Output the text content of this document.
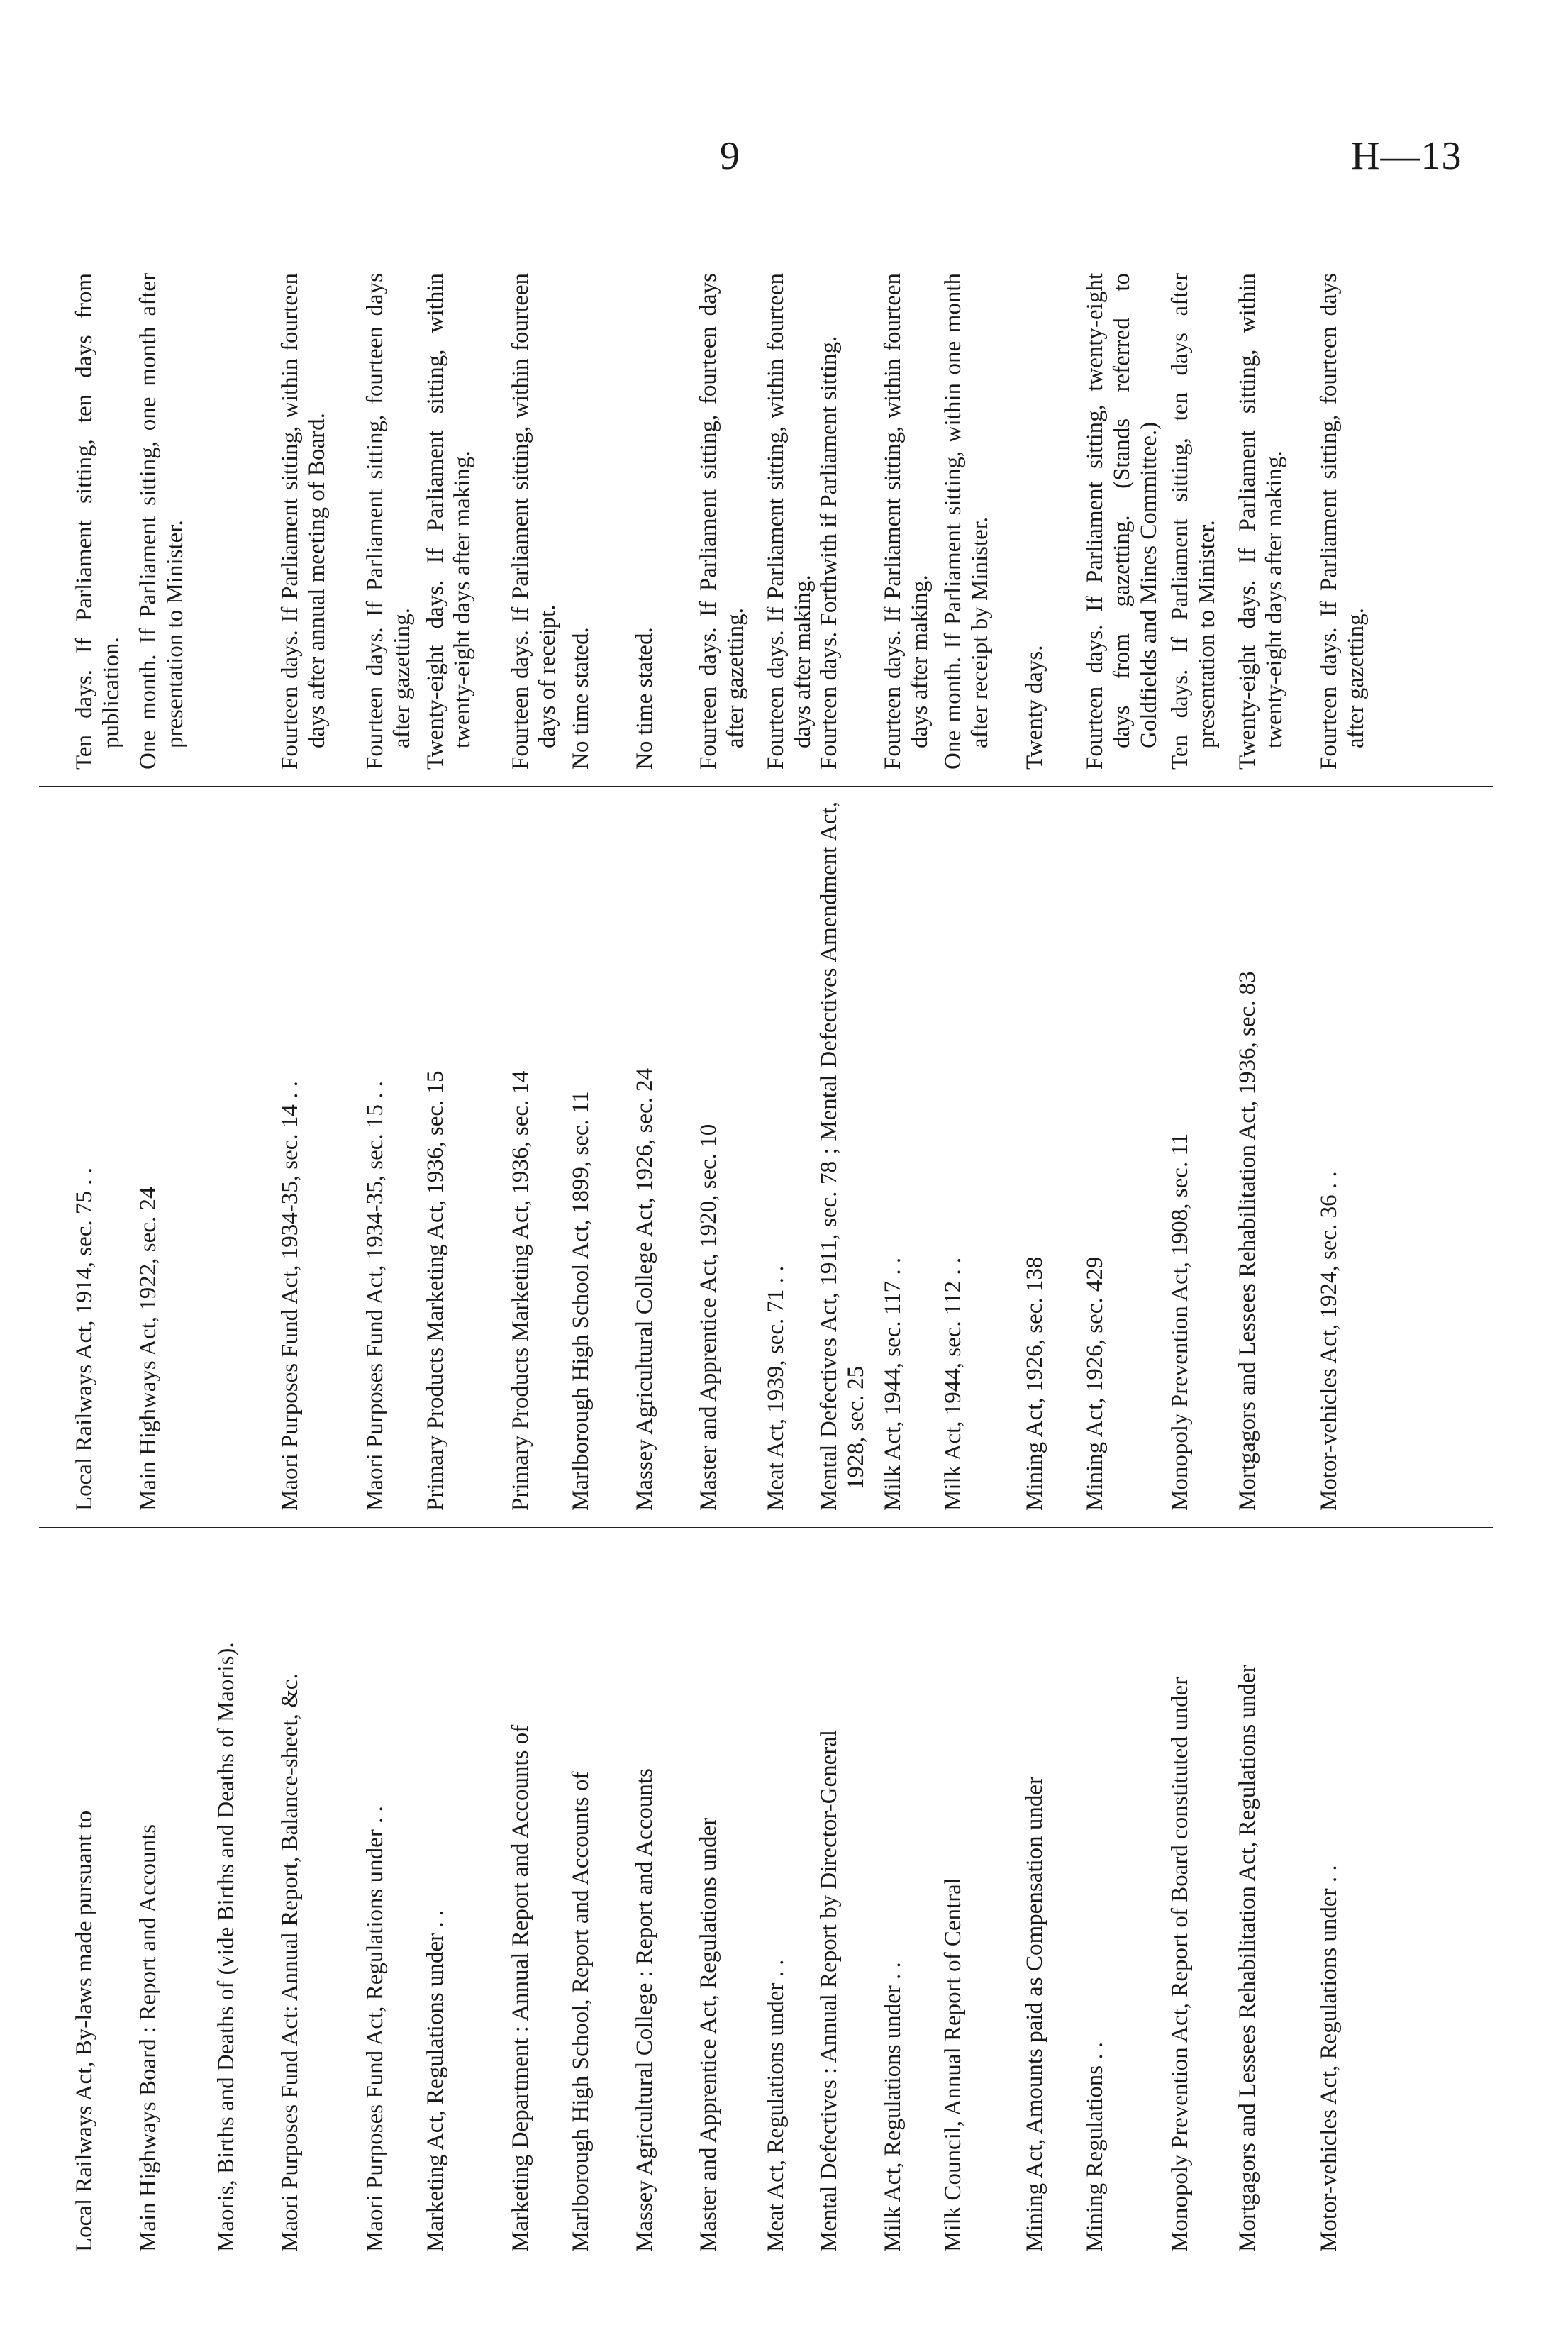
9	H—13
Local Railways Act, By-laws made pursuant to
Local Railways Act, 1914, sec. 75 . .

Ten days. If Parliament sitting, ten days from publication.

Main Highways Board : Report and Accounts
Main Highways Act, 1922, sec. 24

One month. If Parliament sitting, one month after presentation to Minister.

Maoris, Births and Deaths of (vide Births and Deaths of Maoris). Maori Purposes Fund Act: Annual Report, Balance-sheet, &c.
Maori Purposes Fund Act, 1934-35, sec. 14 . .

Fourteen days. If Parliament sitting, within fourteen days after annual meeting of Board.

Maori Purposes Fund Act, Regulations under . .
Maori Purposes Fund Act, 1934-35, sec. 15 . .

Fourteen days. If Parliament sitting, fourteen days after gazetting.

Marketing Act, Regulations under . .
Primary Products Marketing Act, 1936, sec. 15

Twenty-eight days. If Parliament sitting, within twenty-eight days after making.

Marketing Department : Annual Report and Accounts of
Primary Products Marketing Act, 1936, sec. 14

Fourteen days. If Parliament sitting, within fourteen days of receipt.

Marlborough High School, Report and Accounts of
Marlborough High School Act, 1899, sec. 11

No time stated.

Massey Agricultural College : Report and Accounts
Massey Agricultural College Act, 1926, sec. 24

No time stated.

Master and Apprentice Act, Regulations under
Master and Apprentice Act, 1920, sec. 10

Fourteen days. If Parliament sitting, fourteen days after gazetting.

Meat Act, Regulations under . .
Meat Act, 1939, sec. 71 . .

Fourteen days. If Parliament sitting, within fourteen days after making.

Mental Defectives : Annual Report by Director-General
Mental Defectives Act, 1911, sec. 78 ; Mental Defectives Amendment Act, 1928, sec. 25

Fourteen days. Forthwith if Parliament sitting.

Milk Act, Regulations under . .
Milk Act, 1944, sec. 117 . .

Fourteen days. If Parliament sitting, within fourteen days after making.

Milk Council, Annual Report of Central
Milk Act, 1944, sec. 112 . .

One month. If Parliament sitting, within one month after receipt by Minister.

Mining Act, Amounts paid as Compensation under
Mining Act, 1926, sec. 138

Twenty days.

Mining Regulations . .
Mining Act, 1926, sec. 429

Fourteen days. If Parliament sitting, twenty-eight days from gazetting. (Stands referred to Goldfields and Mines Committee.)

Monopoly Prevention Act, Report of Board constituted under
Monopoly Prevention Act, 1908, sec. 11

Ten days. If Parliament sitting, ten days after presentation to Minister.

Mortgagors and Lessees Rehabilitation Act, Regulations under
Mortgagors and Lessees Rehabilitation Act, 1936, sec. 83

Twenty-eight days. If Parliament sitting, within twenty-eight days after making.

Motor-vehicles Act, Regulations under . .
Motor-vehicles Act, 1924, sec. 36 . .

Fourteen days. If Parliament sitting, fourteen days after gazetting.
